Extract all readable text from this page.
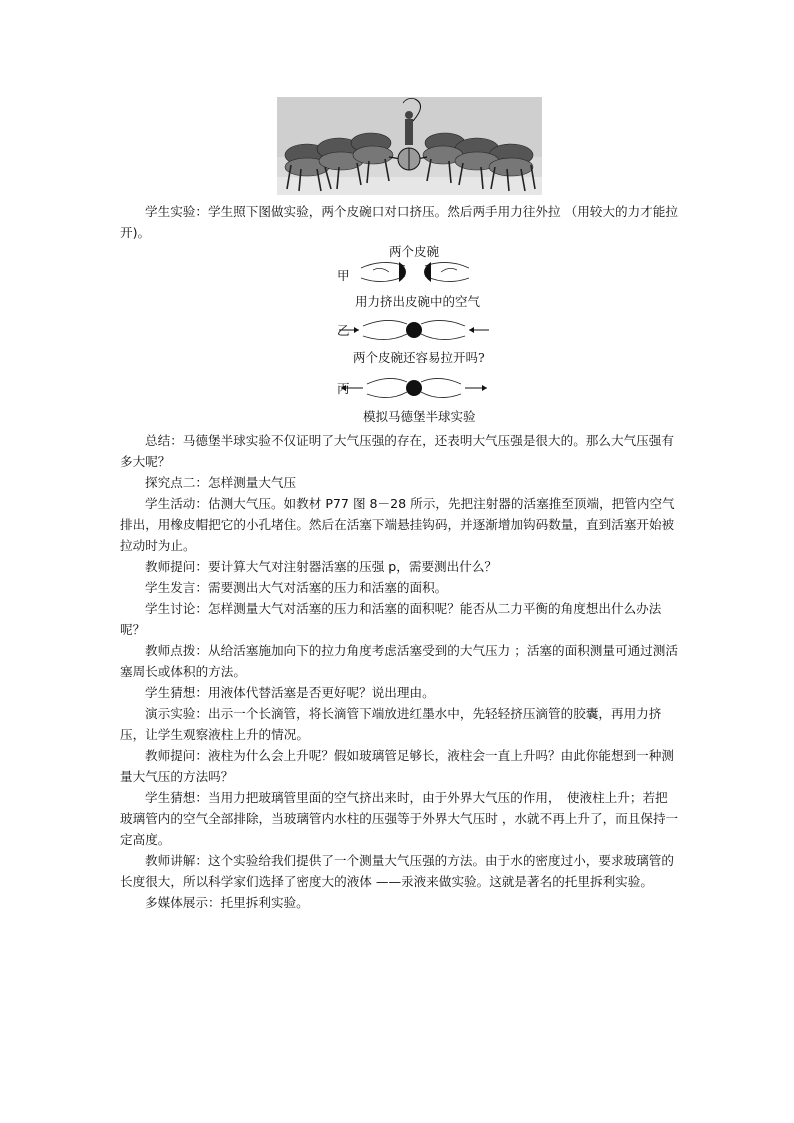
学生实验：学生照下图做实验，两个皮碗口对口挤压。然后两手用力往外拉 （用较大的力才能拉开)。

两个皮碗
甲
用力挤出皮碗中的空气
乙
两个皮碗还容易拉开吗?
丙
模拟马德堡半球实验

总结：马德堡半球实验不仅证明了大气压强的存在，还表明大气压强是很大的。那么大气压强有多大呢？

探究点二：怎样测量大气压

学生活动：估测大气压。如教材 P77 图 8－28 所示，先把注射器的活塞推至顶端，把管内空气排出，用橡皮帽把它的小孔堵住。然后在活塞下端悬挂钩码，并逐渐增加钩码数量，直到活塞开始被拉动时为止。

教师提问：要计算大气对注射器活塞的压强 p，需要测出什么？

学生发言：需要测出大气对活塞的压力和活塞的面积。

学生讨论：怎样测量大气对活塞的压力和活塞的面积呢？能否从二力平衡的角度想出什么办法呢？

教师点拨：从给活塞施加向下的拉力角度考虑活塞受到的大气压力 ；活塞的面积测量可通过测活塞周长或体积的方法。

学生猜想：用液体代替活塞是否更好呢？说出理由。

演示实验：出示一个长滴管，将长滴管下端放进红墨水中，先轻轻挤压滴管的胶囊，再用力挤压，让学生观察液柱上升的情况。

教师提问：液柱为什么会上升呢？假如玻璃管足够长，液柱会一直上升吗？由此你能想到一种测量大气压的方法吗？

学生猜想：当用力把玻璃管里面的空气挤出来时，由于外界大气压的作用，　使液柱上升；若把玻璃管内的空气全部排除，当玻璃管内水柱的压强等于外界大气压时 ，水就不再上升了，而且保持一定高度。

教师讲解：这个实验给我们提供了一个测量大气压强的方法。由于水的密度过小，要求玻璃管的长度很大，所以科学家们选择了密度大的液体 ——汞液来做实验。这就是著名的托里拆利实验。

多媒体展示：托里拆利实验。
